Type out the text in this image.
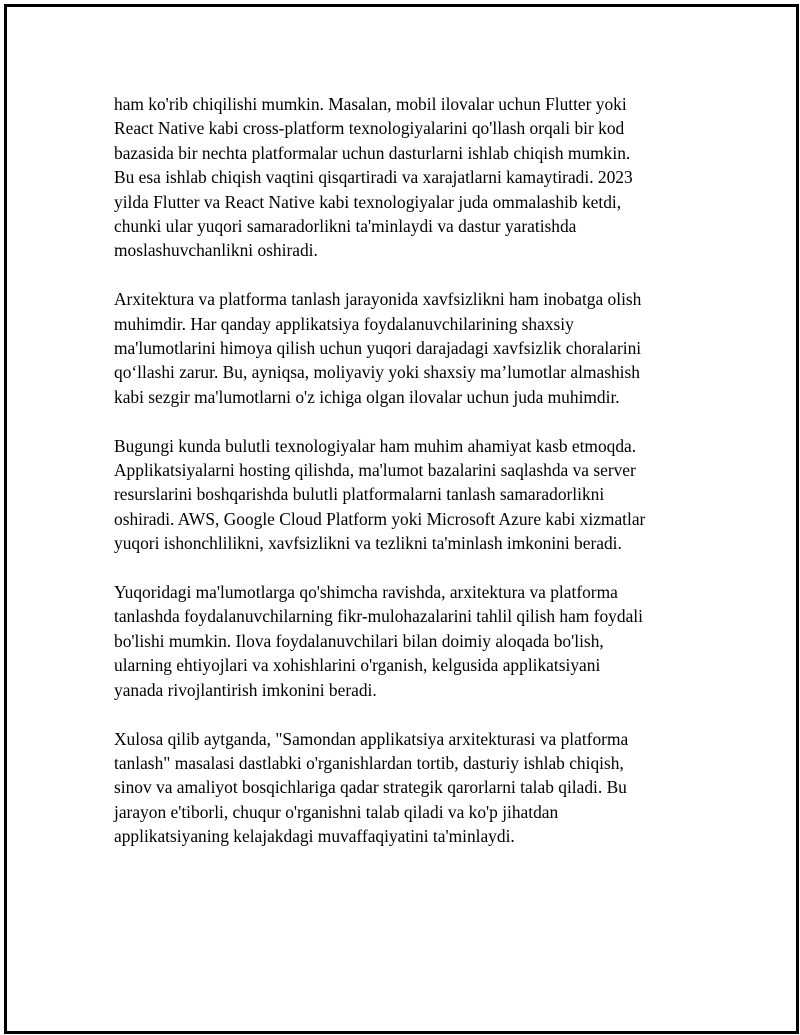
ham ko'rib chiqilishi mumkin. Masalan, mobil ilovalar uchun Flutter yoki
React Native kabi cross-platform texnologiyalarini qo'llash orqali bir kod
bazasida bir nechta platformalar uchun dasturlarni ishlab chiqish mumkin.
Bu esa ishlab chiqish vaqtini qisqartiradi va xarajatlarni kamaytiradi. 2023
yilda Flutter va React Native kabi texnologiyalar juda ommalashib ketdi,
chunki ular yuqori samaradorlikni ta'minlaydi va dastur yaratishda
moslashuvchanlikni oshiradi.

Arxitektura va platforma tanlash jarayonida xavfsizlikni ham inobatga olish
muhimdir. Har qanday applikatsiya foydalanuvchilarining shaxsiy
ma'lumotlarini himoya qilish uchun yuqori darajadagi xavfsizlik choralarini
qo‘llashi zarur. Bu, ayniqsa, moliyaviy yoki shaxsiy ma’lumotlar almashish
kabi sezgir ma'lumotlarni o'z ichiga olgan ilovalar uchun juda muhimdir.

Bugungi kunda bulutli texnologiyalar ham muhim ahamiyat kasb etmoqda.
Applikatsiyalarni hosting qilishda, ma'lumot bazalarini saqlashda va server
resurslarini boshqarishda bulutli platformalarni tanlash samaradorlikni
oshiradi. AWS, Google Cloud Platform yoki Microsoft Azure kabi xizmatlar
yuqori ishonchlilikni, xavfsizlikni va tezlikni ta'minlash imkonini beradi.

Yuqoridagi ma'lumotlarga qo'shimcha ravishda, arxitektura va platforma
tanlashda foydalanuvchilarning fikr-mulohazalarini tahlil qilish ham foydali
bo'lishi mumkin. Ilova foydalanuvchilari bilan doimiy aloqada bo'lish,
ularning ehtiyojlari va xohishlarini o'rganish, kelgusida applikatsiyani
yanada rivojlantirish imkonini beradi.

Xulosa qilib aytganda, "Samondan applikatsiya arxitekturasi va platforma
tanlash" masalasi dastlabki o'rganishlardan tortib, dasturiy ishlab chiqish,
sinov va amaliyot bosqichlariga qadar strategik qarorlarni talab qiladi. Bu
jarayon e'tiborli, chuqur o'rganishni talab qiladi va ko'p jihatdan
applikatsiyaning kelajakdagi muvaffaqiyatini ta'minlaydi.
